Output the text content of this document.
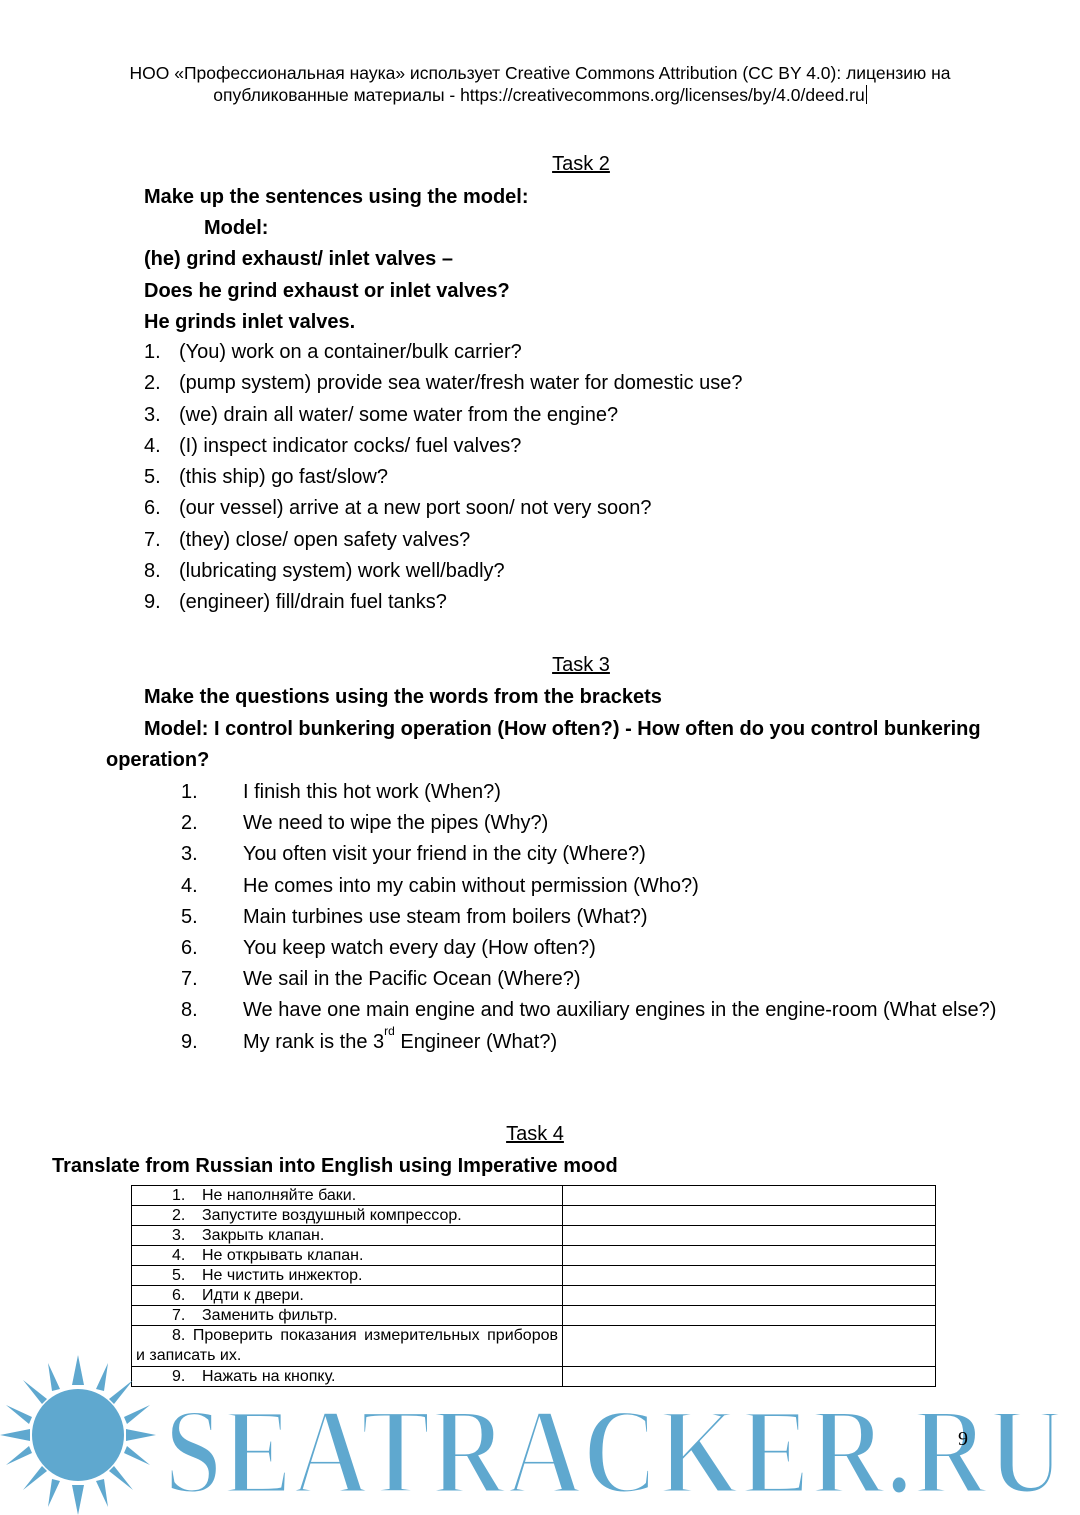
НОО «Профессиональная наука» использует Creative Commons Attribution (CC BY 4.0): лицензию на
опубликованные материалы - https://creativecommons.org/licenses/by/4.0/deed.ru
Task 2
Make up the sentences using the model:
Model:
(he) grind exhaust/ inlet valves –
Does he grind exhaust or inlet valves?
He grinds inlet valves.
1. (You) work on a container/bulk carrier?
2. (pump system) provide sea water/fresh water for domestic use?
3. (we) drain all water/ some water from the engine?
4. (I) inspect indicator cocks/ fuel valves?
5. (this ship) go fast/slow?
6. (our vessel) arrive at a new port soon/ not very soon?
7. (they) close/ open safety valves?
8. (lubricating system) work well/badly?
9. (engineer) fill/drain fuel tanks?
Task 3
Make the questions using the words from the brackets
Model: I control bunkering operation (How often?) - How often do you control bunkering
operation?
1. I finish this hot work (When?)
2. We need to wipe the pipes (Why?)
3. You often visit your friend in the city (Where?)
4. He comes into my cabin without permission (Who?)
5. Main turbines use steam from boilers (What?)
6. You keep watch every day (How often?)
7. We sail in the Pacific Ocean (Where?)
8. We have one main engine and two auxiliary engines in the engine-room (What else?)
9. My rank is the 3rd Engineer (What?)
Task 4
Translate from Russian into English using Imperative mood
1. Не наполняйте баки.	
2. Запустите воздушный компрессор.	
3. Закрыть клапан.	
4. Не открывать клапан.	
5. Не чистить инжектор.	
6. Идти к двери.	
7. Заменить фильтр.	
8. Проверить показания измерительных приборов и записать их.	
9. Нажать на кнопку.	
SEATRACKER.RU
9
